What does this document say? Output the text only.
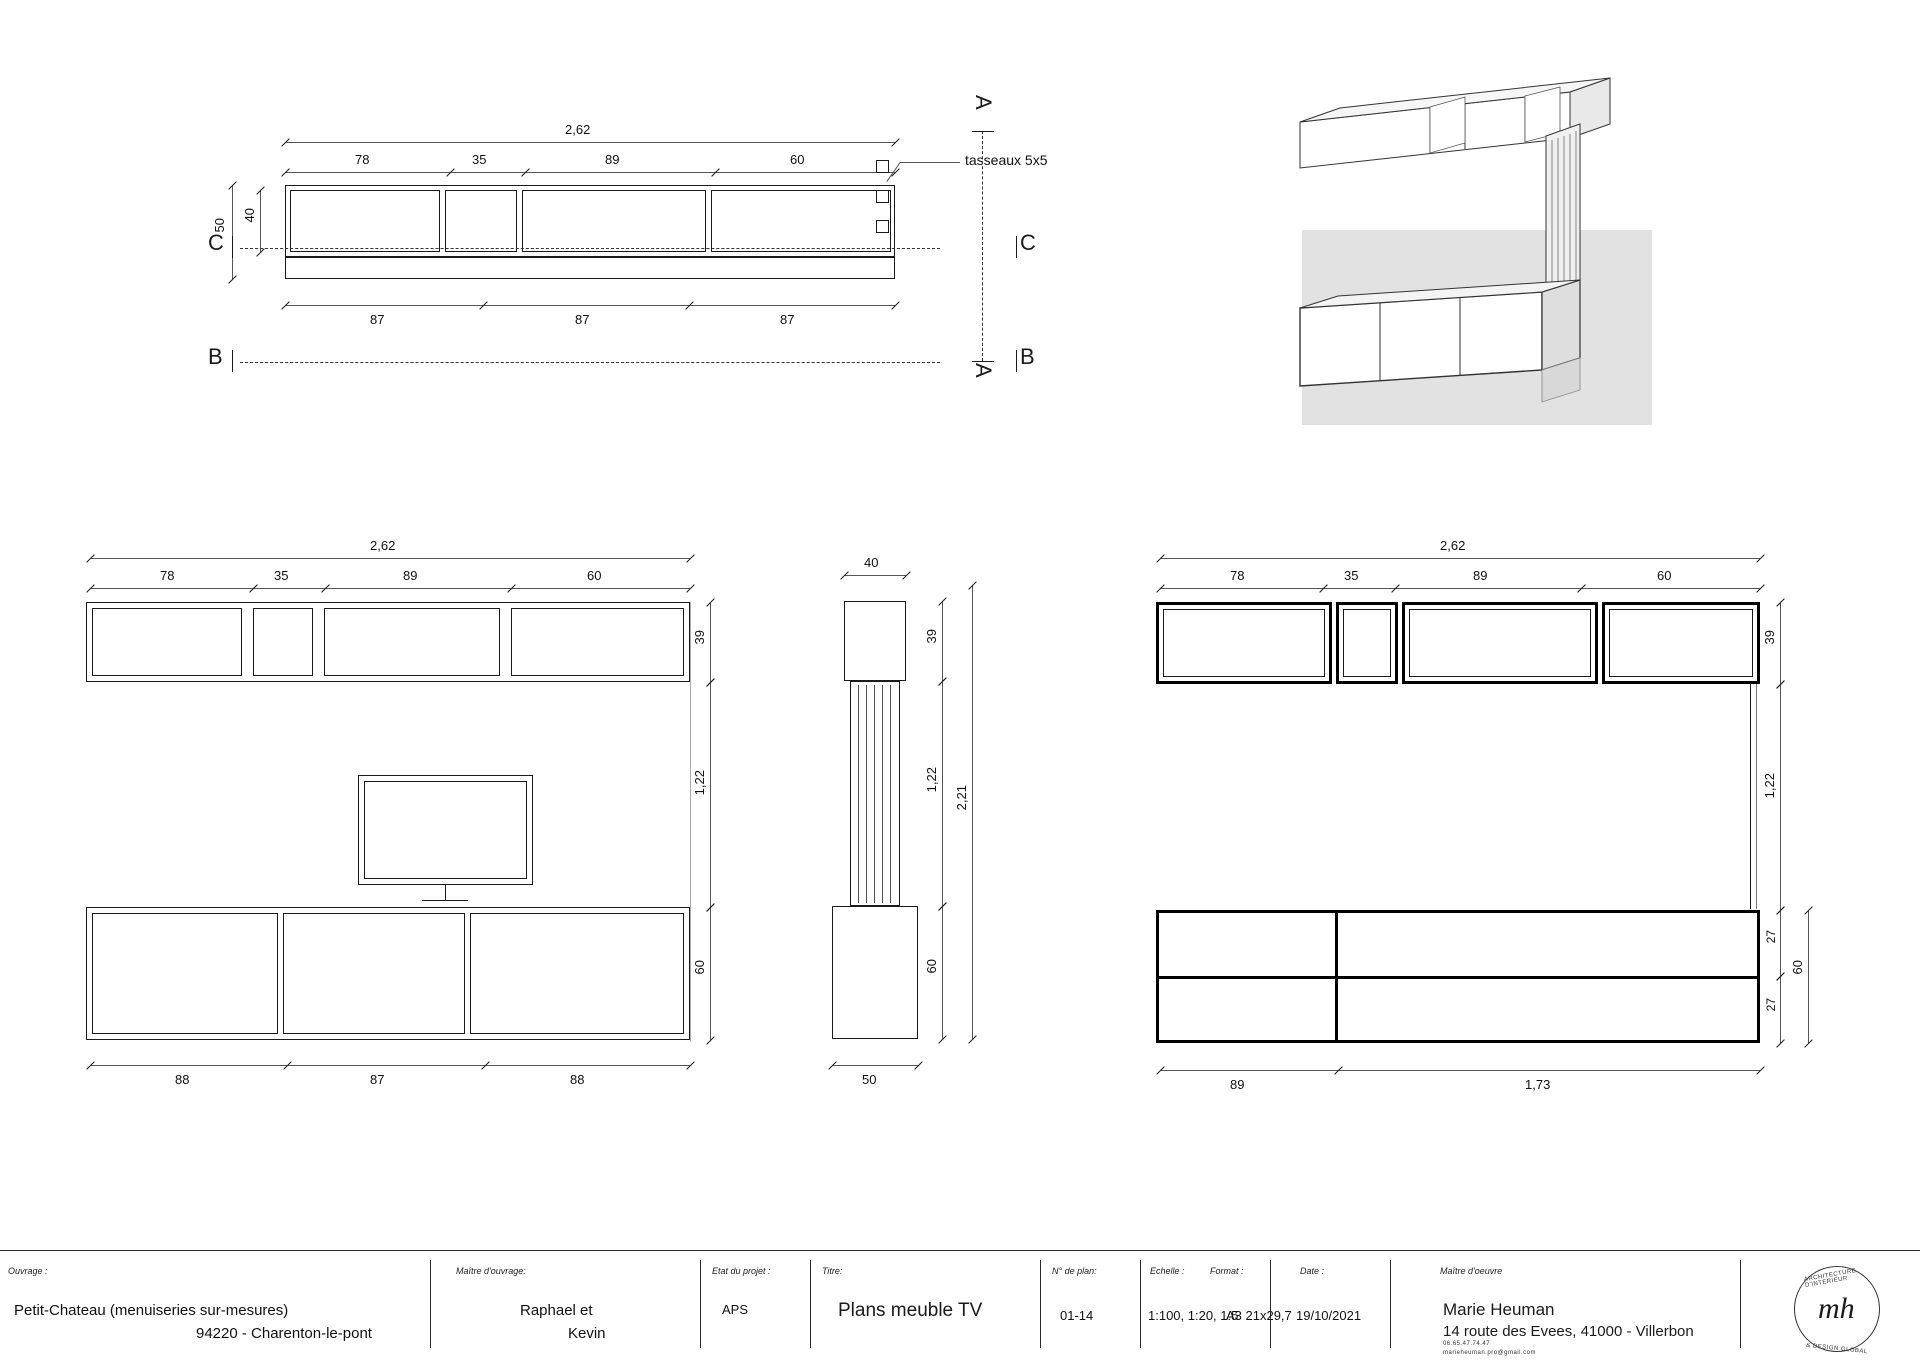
2,62
78	35	89	60	tasseaux 5x5
50
40
87	87	87
C	C
B	B
A
A
2,62
78	35	89	60
39
1,22
60
88	87	88
40
39
1,22
60
2,21
50
2,62
78	35	89	60
39
1,22
27
27
60
89	1,73
Ouvrage :
Petit-Chateau (menuiseries sur-mesures)
94220 - Charenton-le-pont
Maître d'ouvrage:
Raphael et
Kevin
Etat du projet :
APS
Titre:
Plans meuble TV
N° de plan:
01-14
Echelle :
1:100, 1:20, 1:5
Format :
A3 21x29,7
Date :
19/10/2021
Maître d'oeuvre
Marie Heuman
14 route des Evees, 41000 - Villerbon
06.65.47.74.47
marieheuman.pro@gmail.com
mh
ARCHITECTURE D'INTERIEUR
& DESIGN GLOBAL
